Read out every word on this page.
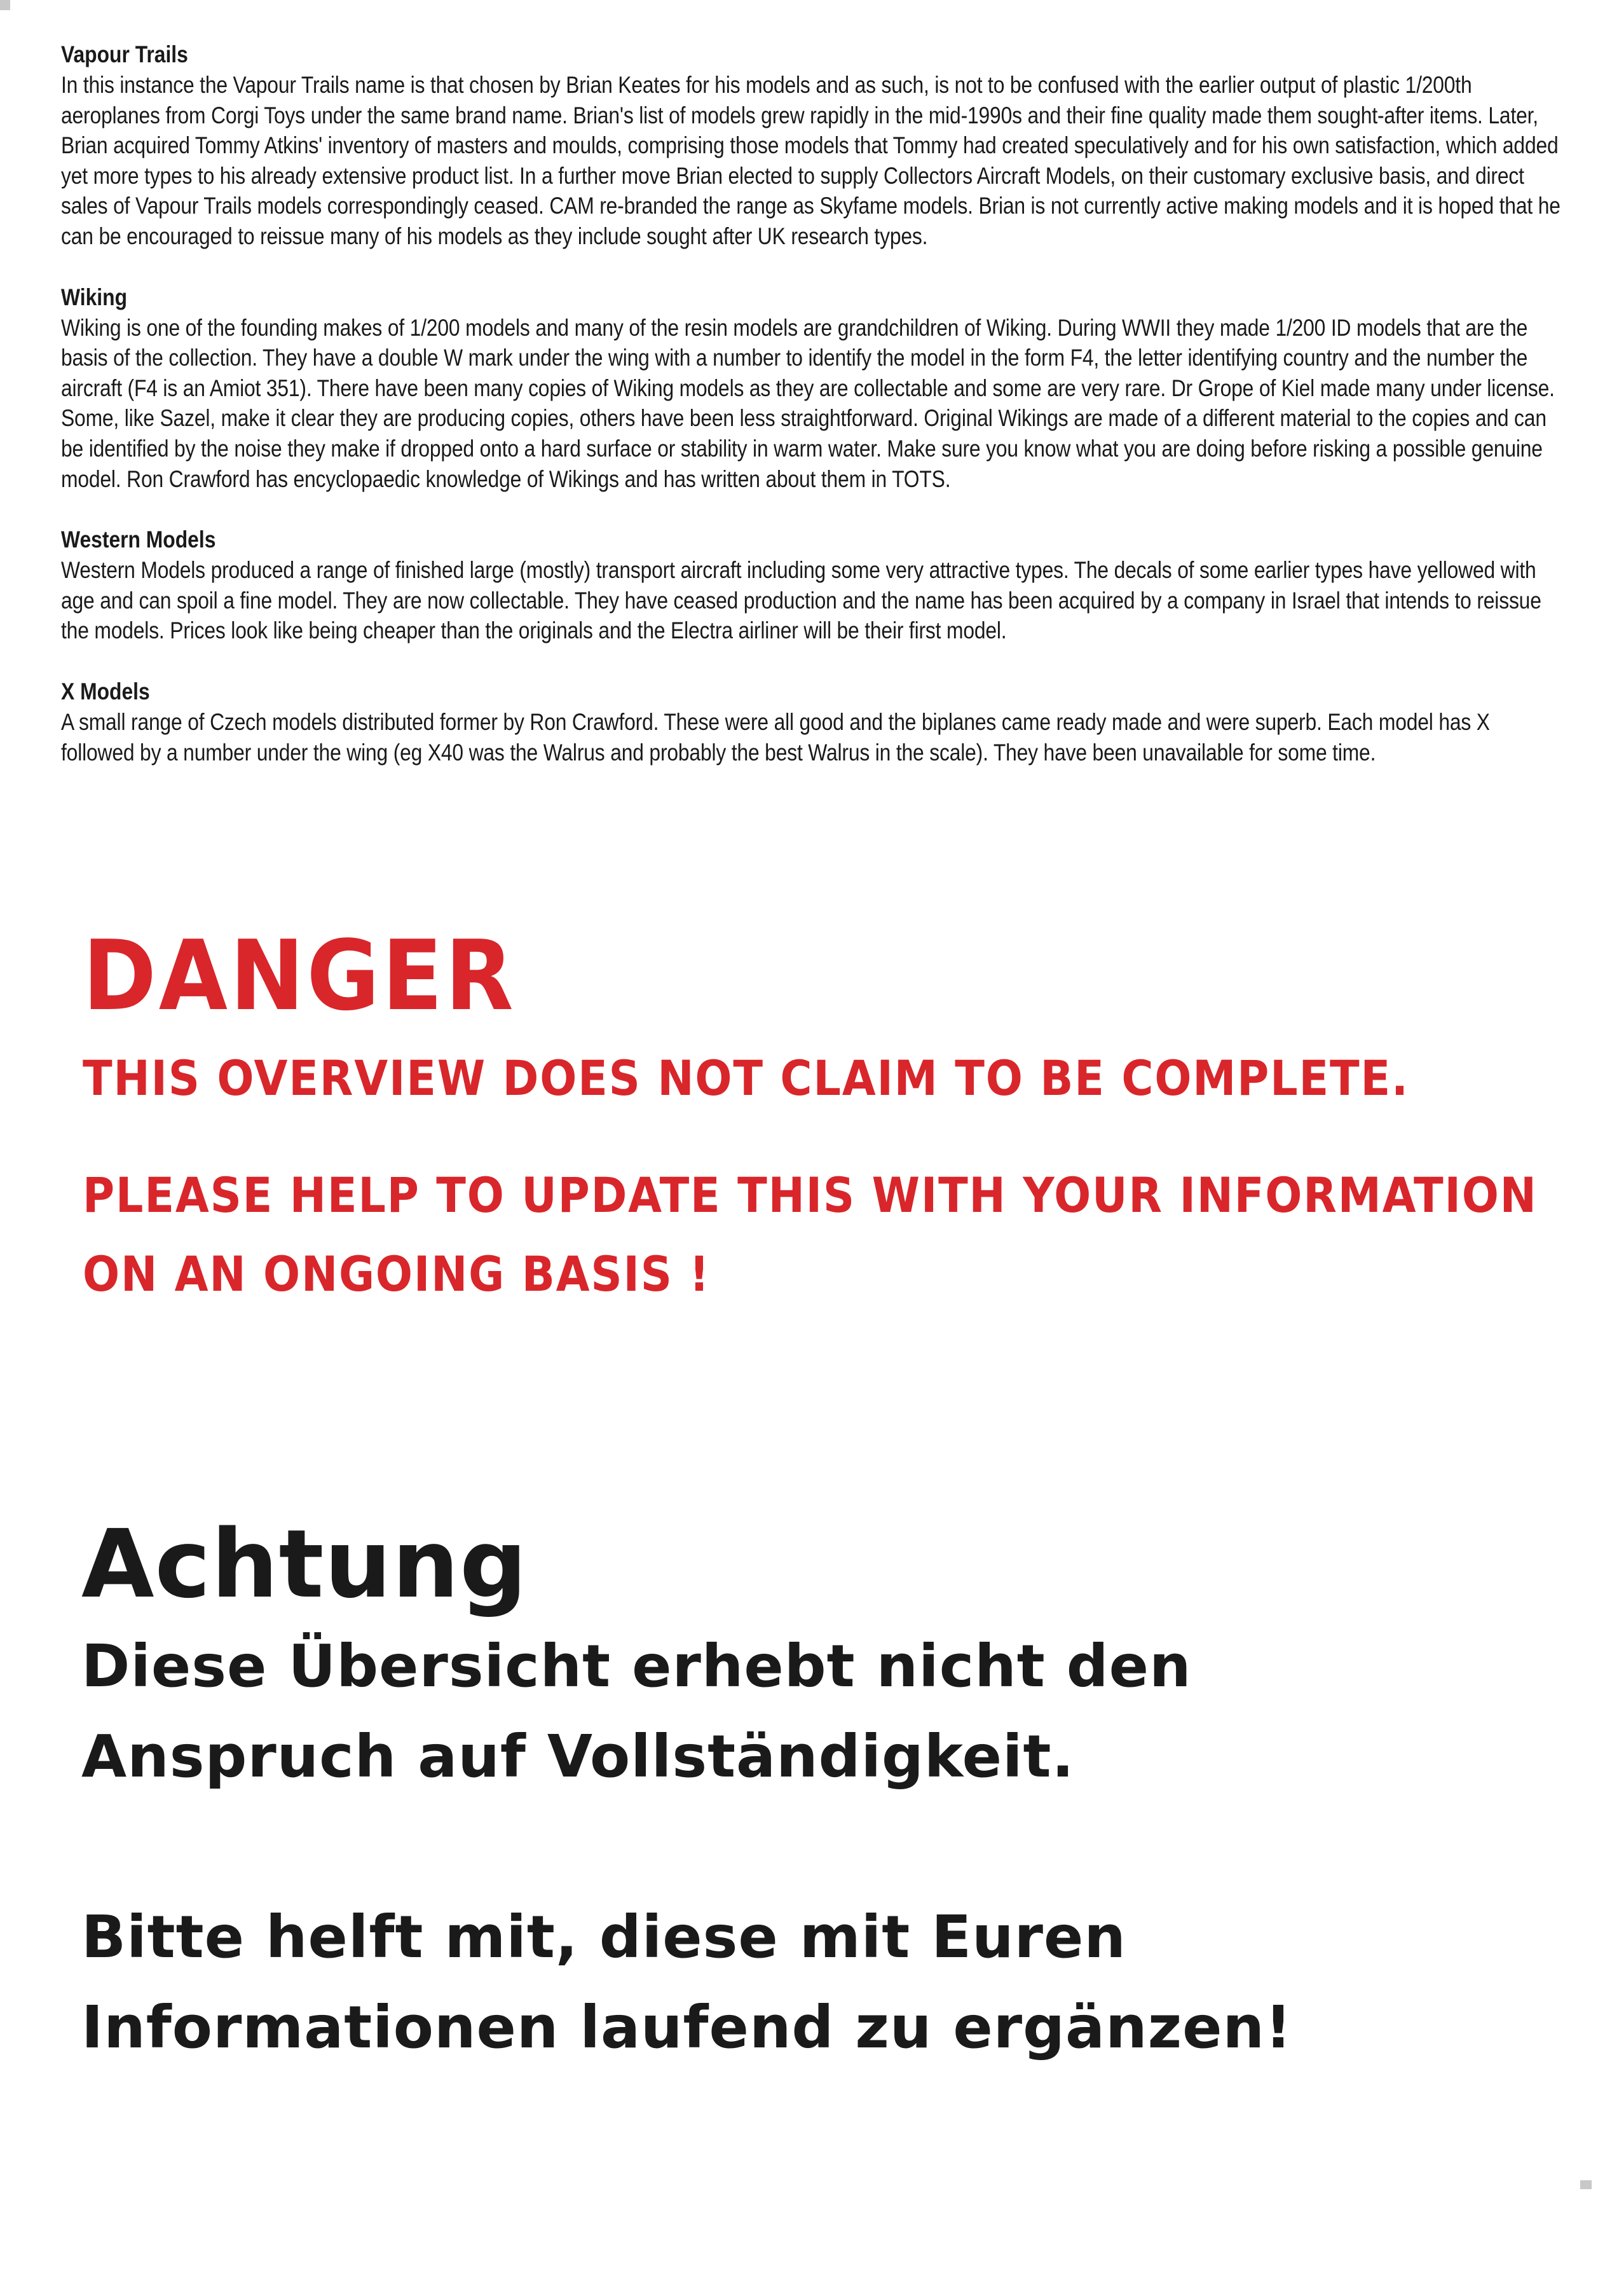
Vapour Trails

In this instance the Vapour Trails name is that chosen by Brian Keates for his models and as such, is not to be confused with the earlier output of plastic 1/200th aeroplanes from Corgi Toys under the same brand name. Brian's list of models grew rapidly in the mid-1990s and their fine quality made them sought-after items. Later, Brian acquired Tommy Atkins' inventory of masters and moulds, comprising those models that Tommy had created speculatively and for his own satisfaction, which added yet more types to his already extensive product list. In a further move Brian elected to supply Collectors Aircraft Models, on their customary exclusive basis, and direct sales of Vapour Trails models correspondingly ceased. CAM re-branded the range as Skyfame models. Brian is not currently active making models and it is hoped that he can be encouraged to reissue many of his models as they include sought after UK research types.

Wiking

Wiking is one of the founding makes of 1/200 models and many of the resin models are grandchildren of Wiking. During WWII they made 1/200 ID models that are the basis of the collection. They have a double W mark under the wing with a number to identify the model in the form F4, the letter identifying country and the number the aircraft (F4 is an Amiot 351). There have been many copies of Wiking models as they are collectable and some are very rare. Dr Grope of Kiel made many under license. Some, like Sazel, make it clear they are producing copies, others have been less straightforward. Original Wikings are made of a different material to the copies and can be identified by the noise they make if dropped onto a hard surface or stability in warm water. Make sure you know what you are doing before risking a possible genuine model. Ron Crawford has encyclopaedic knowledge of Wikings and has written about them in TOTS.

Western Models

Western Models produced a range of finished large (mostly) transport aircraft including some very attractive types. The decals of some earlier types have yellowed with age and can spoil a fine model. They are now collectable. They have ceased production and the name has been acquired by a company in Israel that intends to reissue the models. Prices look like being cheaper than the originals and the Electra airliner will be their first model.

X Models

A small range of Czech models distributed former by Ron Crawford. These were all good and the biplanes came ready made and were superb. Each model has X followed by a number under the wing (eg X40 was the Walrus and probably the best Walrus in the scale). They have been unavailable for some time.

DANGER
THIS OVERVIEW DOES NOT CLAIM TO BE COMPLETE.
PLEASE HELP TO UPDATE THIS WITH YOUR INFORMATION
ON AN ONGOING BASIS !
Achtung
Diese Übersicht erhebt nicht den
Anspruch auf Vollständigkeit.
Bitte helft mit, diese mit Euren
Informationen laufend zu ergänzen!
